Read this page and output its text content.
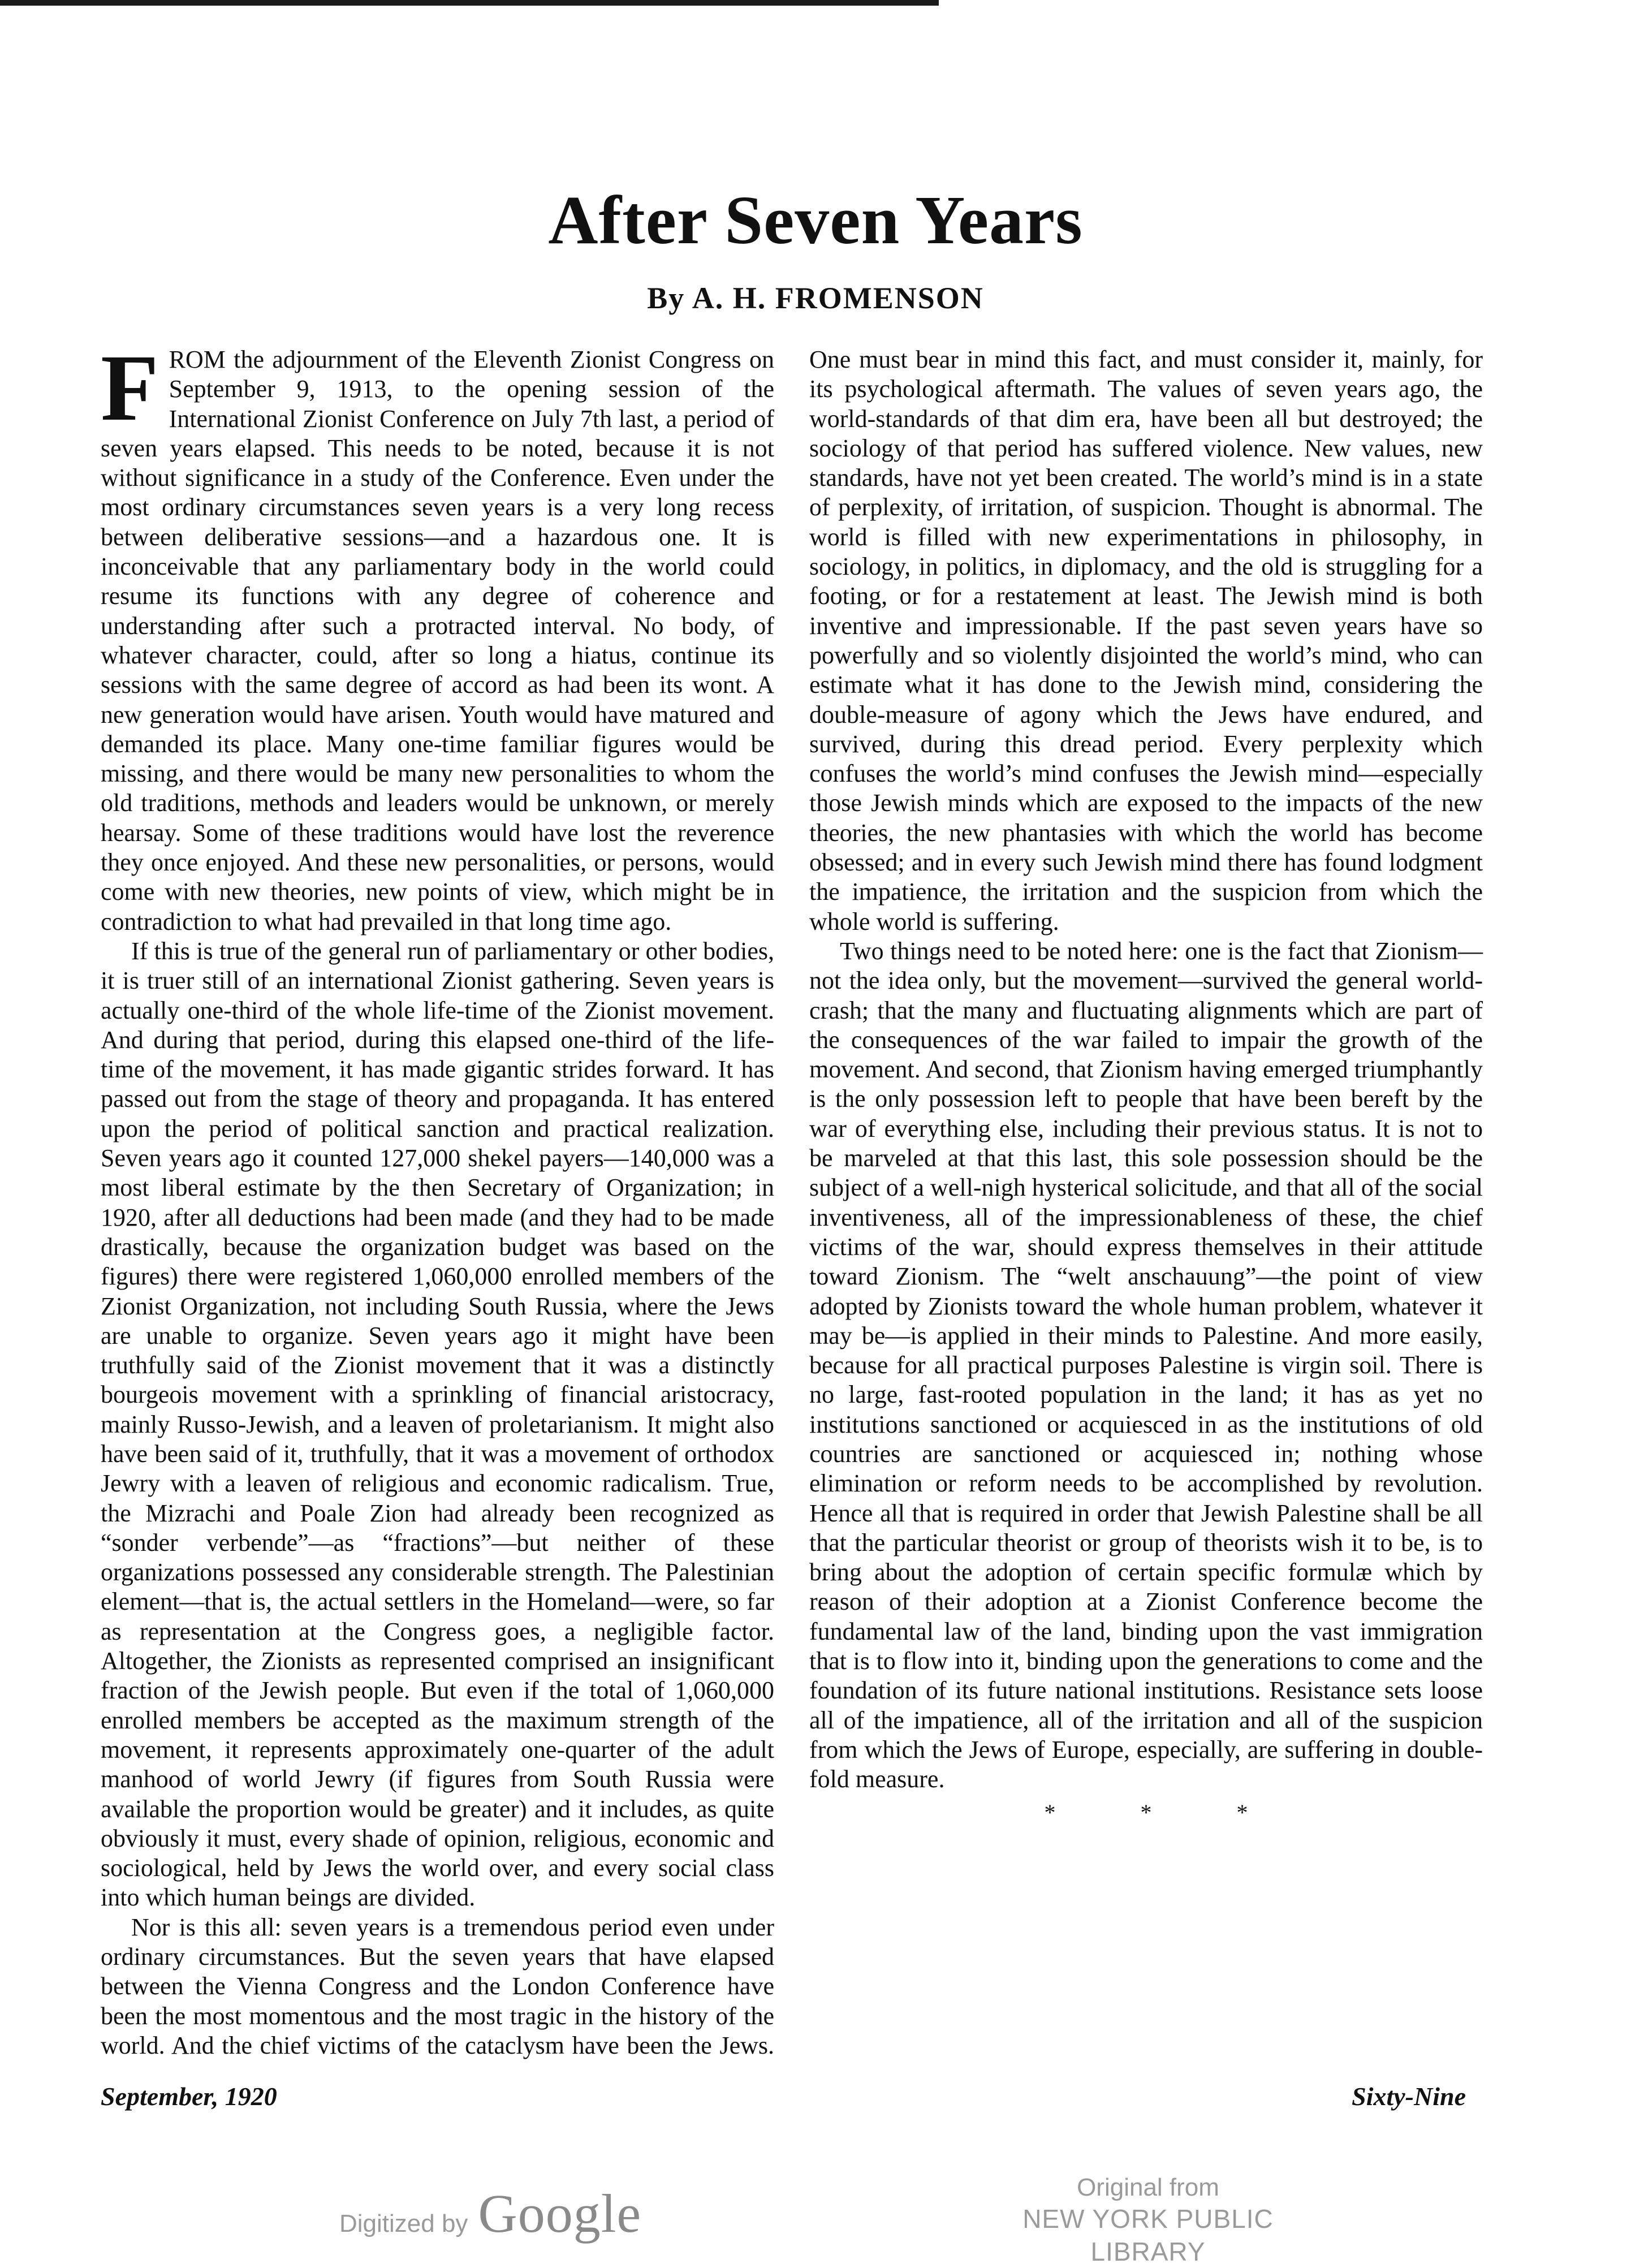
After Seven Years
By A. H. FROMENSON

FROM the adjournment of the Eleventh Zionist Congress on September 9, 1913, to the opening session of the International Zionist Conference on July 7th last, a period of seven years elapsed. This needs to be noted, because it is not without significance in a study of the Conference. Even under the most ordinary circumstances seven years is a very long recess between deliberative sessions—and a hazardous one. It is inconceivable that any parliamentary body in the world could resume its functions with any degree of coherence and understanding after such a protracted interval. No body, of whatever character, could, after so long a hiatus, continue its sessions with the same degree of accord as had been its wont. A new generation would have arisen. Youth would have matured and demanded its place. Many one-time familiar figures would be missing, and there would be many new personalities to whom the old traditions, methods and leaders would be unknown, or merely hearsay. Some of these traditions would have lost the reverence they once enjoyed. And these new personalities, or persons, would come with new theories, new points of view, which might be in contradiction to what had prevailed in that long time ago.

If this is true of the general run of parliamentary or other bodies, it is truer still of an international Zionist gathering. Seven years is actually one-third of the whole life-time of the Zionist movement. And during that period, during this elapsed one-third of the life-time of the movement, it has made gigantic strides forward. It has passed out from the stage of theory and propaganda. It has entered upon the period of political sanction and practical realization. Seven years ago it counted 127,000 shekel payers—140,000 was a most liberal estimate by the then Secretary of Organization; in 1920, after all deductions had been made (and they had to be made drastically, because the organization budget was based on the figures) there were registered 1,060,000 enrolled members of the Zionist Organization, not including South Russia, where the Jews are unable to organize. Seven years ago it might have been truthfully said of the Zionist movement that it was a distinctly bourgeois movement with a sprinkling of financial aristocracy, mainly Russo-Jewish, and a leaven of proletarianism. It might also have been said of it, truthfully, that it was a movement of orthodox Jewry with a leaven of religious and economic radicalism. True, the Mizrachi and Poale Zion had already been recognized as “sonder verbende”—as “fractions”—but neither of these organizations possessed any considerable strength. The Palestinian element—that is, the actual settlers in the Homeland—were, so far as representation at the Congress goes, a negligible factor. Altogether, the Zionists as represented comprised an insignificant fraction of the Jewish people. But even if the total of 1,060,000 enrolled members be accepted as the maximum strength of the movement, it represents approximately one-quarter of the adult manhood of world Jewry (if figures from South Russia were available the proportion would be greater) and it includes, as quite obviously it must, every shade of opinion, religious, economic and sociological, held by Jews the world over, and every social class into which human beings are divided.

Nor is this all: seven years is a tremendous period even under ordinary circumstances. But the seven years that have elapsed between the Vienna Congress and the London Conference have been the most momentous and the most tragic in the history of the world. And the chief victims of the cataclysm have been the Jews. One must bear in mind this fact, and must consider it, mainly, for its psychological aftermath. The values of seven years ago, the world-standards of that dim era, have been all but destroyed; the sociology of that period has suffered violence. New values, new standards, have not yet been created. The world’s mind is in a state of perplexity, of irritation, of suspicion. Thought is abnormal. The world is filled with new experimentations in philosophy, in sociology, in politics, in diplomacy, and the old is struggling for a footing, or for a restatement at least. The Jewish mind is both inventive and impressionable. If the past seven years have so powerfully and so violently disjointed the world’s mind, who can estimate what it has done to the Jewish mind, considering the double-measure of agony which the Jews have endured, and survived, during this dread period. Every perplexity which confuses the world’s mind confuses the Jewish mind—especially those Jewish minds which are exposed to the impacts of the new theories, the new phantasies with which the world has become obsessed; and in every such Jewish mind there has found lodgment the impatience, the irritation and the suspicion from which the whole world is suffering.

Two things need to be noted here: one is the fact that Zionism—not the idea only, but the movement—survived the general world-crash; that the many and fluctuating alignments which are part of the consequences of the war failed to impair the growth of the movement. And second, that Zionism having emerged triumphantly is the only possession left to people that have been bereft by the war of everything else, including their previous status. It is not to be marveled at that this last, this sole possession should be the subject of a well-nigh hysterical solicitude, and that all of the social inventiveness, all of the impressionableness of these, the chief victims of the war, should express themselves in their attitude toward Zionism. The “welt anschauung”—the point of view adopted by Zionists toward the whole human problem, whatever it may be—is applied in their minds to Palestine. And more easily, because for all practical purposes Palestine is virgin soil. There is no large, fast-rooted population in the land; it has as yet no institutions sanctioned or acquiesced in as the institutions of old countries are sanctioned or acquiesced in; nothing whose elimination or reform needs to be accomplished by revolution. Hence all that is required in order that Jewish Palestine shall be all that the particular theorist or group of theorists wish it to be, is to bring about the adoption of certain specific formulæ which by reason of their adoption at a Zionist Conference become the fundamental law of the land, binding upon the vast immigration that is to flow into it, binding upon the generations to come and the foundation of its future national institutions. Resistance sets loose all of the impatience, all of the irritation and all of the suspicion from which the Jews of Europe, especially, are suffering in double-fold measure.

* * *
September, 1920	Sixty-Nine
Digitized by Google	Original from
NEW YORK PUBLIC LIBRARY
